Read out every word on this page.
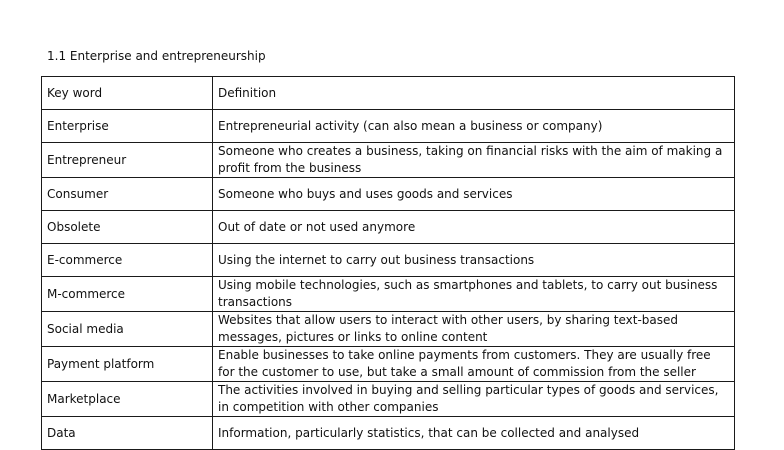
1.1 Enterprise and entrepreneurship
Key word	Definition
Enterprise	Entrepreneurial activity (can also mean a business or company)
Entrepreneur	Someone who creates a business, taking on financial risks with the aim of making a profit from the business
Consumer	Someone who buys and uses goods and services
Obsolete	Out of date or not used anymore
E-commerce	Using the internet to carry out business transactions
M-commerce	Using mobile technologies, such as smartphones and tablets, to carry out business transactions
Social media	Websites that allow users to interact with other users, by sharing text-based messages, pictures or links to online content
Payment platform	Enable businesses to take online payments from customers. They are usually free for the customer to use, but take a small amount of commission from the seller
Marketplace	The activities involved in buying and selling particular types of goods and services, in competition with other companies
Data	Information, particularly statistics, that can be collected and analysed
